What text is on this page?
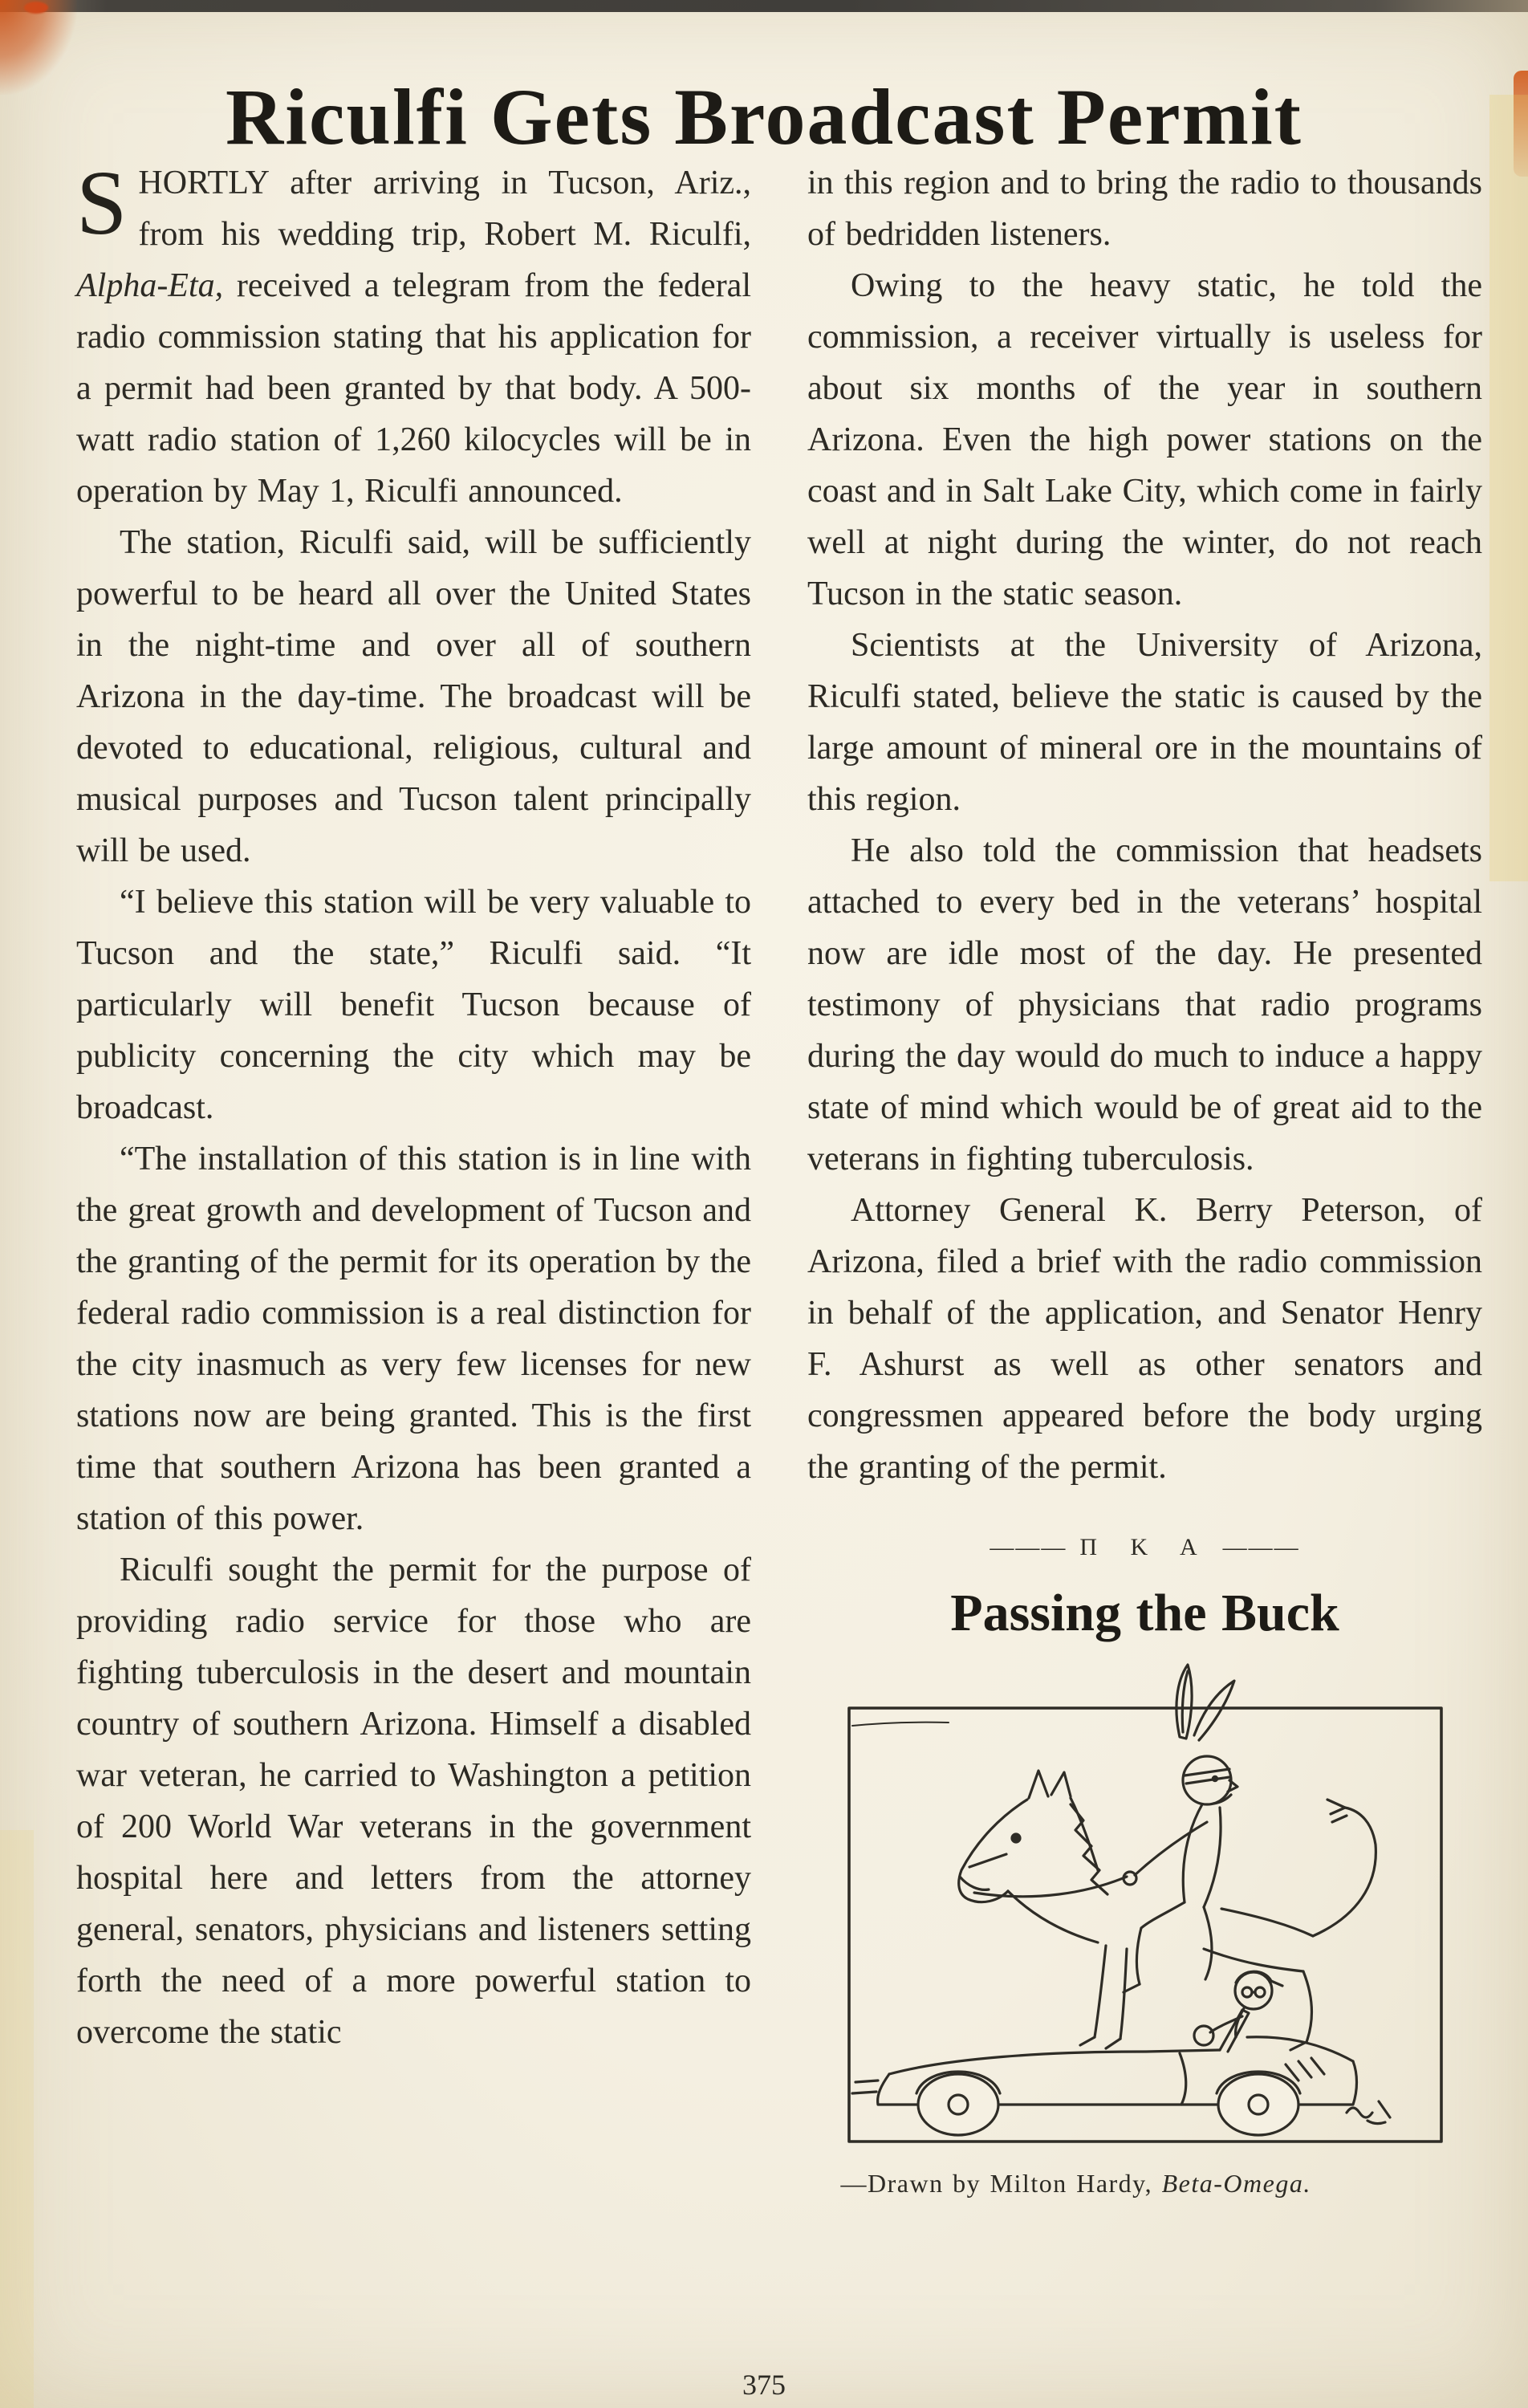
Riculfi Gets Broadcast Permit

SHORTLY after arriving in Tucson, Ariz., from his wedding trip, Robert M. Riculfi, Alpha-Eta, received a telegram from the federal radio commission stating that his application for a permit had been granted by that body. A 500-watt radio station of 1,260 kilocycles will be in operation by May 1, Riculfi announced.

The station, Riculfi said, will be sufficiently powerful to be heard all over the United States in the night-time and over all of southern Arizona in the day-time. The broadcast will be devoted to educational, religious, cultural and musical purposes and Tucson talent principally will be used.

“I believe this station will be very valuable to Tucson and the state,” Riculfi said. “It particularly will benefit Tucson because of publicity concerning the city which may be broadcast.

“The installation of this station is in line with the great growth and development of Tucson and the granting of the permit for its operation by the federal radio commission is a real distinction for the city inasmuch as very few licenses for new stations now are being granted. This is the first time that southern Arizona has been granted a station of this power.

Riculfi sought the permit for the purpose of providing radio service for those who are fighting tuberculosis in the desert and mountain country of southern Arizona. Himself a disabled war veteran, he carried to Washington a petition of 200 World War veterans in the government hospital here and letters from the attorney general, senators, physicians and listeners setting forth the need of a more powerful station to overcome the static

in this region and to bring the radio to thousands of bedridden listeners.

Owing to the heavy static, he told the commission, a receiver virtually is useless for about six months of the year in southern Arizona. Even the high power stations on the coast and in Salt Lake City, which come in fairly well at night during the winter, do not reach Tucson in the static season.

Scientists at the University of Arizona, Riculfi stated, believe the static is caused by the large amount of mineral ore in the mountains of this region.

He also told the commission that headsets attached to every bed in the veterans’ hospital now are idle most of the day. He presented testimony of physicians that radio programs during the day would do much to induce a happy state of mind which would be of great aid to the veterans in fighting tuberculosis.

Attorney General K. Berry Peterson, of Arizona, filed a brief with the radio commission in behalf of the application, and Senator Henry F. Ashurst as well as other senators and congressmen appeared before the body urging the granting of the permit.

——— Π K A ———
Passing the Buck
—Drawn by Milton Hardy, Beta-Omega.
375
